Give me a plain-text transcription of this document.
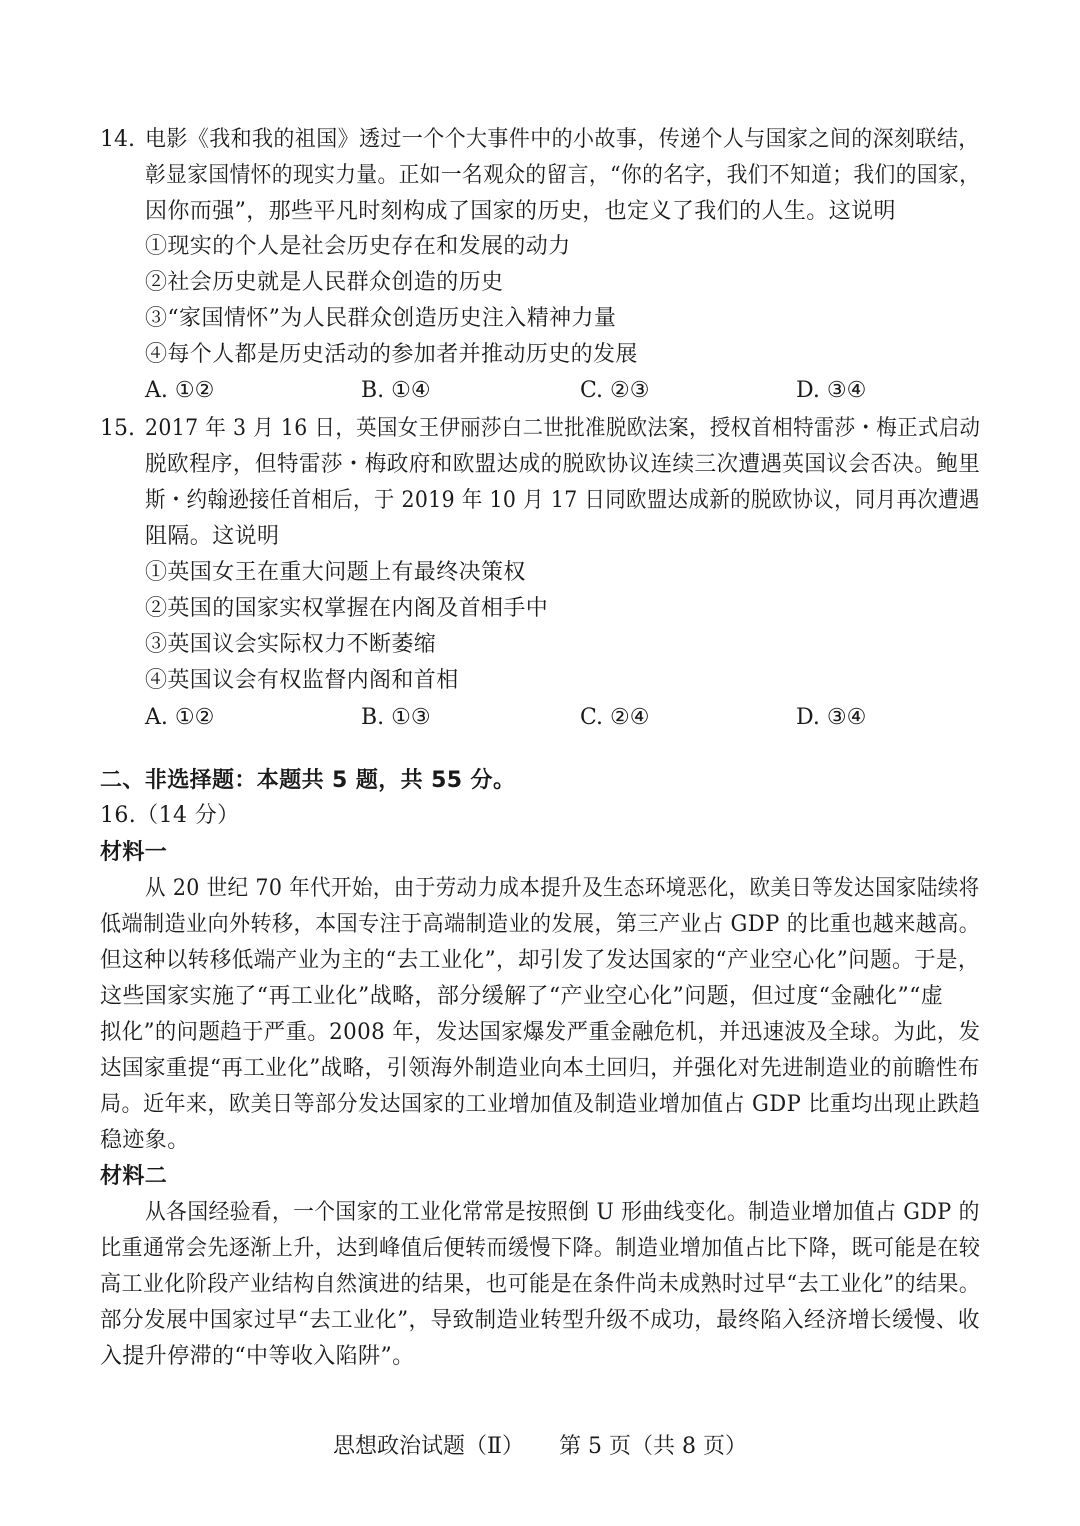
14. 电影《我和我的祖国》透过一个个大事件中的小故事，传递个人与国家之间的深刻联结，
彰显家国情怀的现实力量。正如一名观众的留言，“你的名字，我们不知道；我们的国家，
因你而强”，那些平凡时刻构成了国家的历史，也定义了我们的人生。这说明
①现实的个人是社会历史存在和发展的动力
②社会历史就是人民群众创造的历史
③“家国情怀”为人民群众创造历史注入精神力量
④每个人都是历史活动的参加者并推动历史的发展
A. ①②	B. ①④	C. ②③	D. ③④
15. 2017 年 3 月 16 日，英国女王伊丽莎白二世批准脱欧法案，授权首相特雷莎・梅正式启动
脱欧程序，但特雷莎・梅政府和欧盟达成的脱欧协议连续三次遭遇英国议会否决。鲍里
斯・约翰逊接任首相后，于 2019 年 10 月 17 日同欧盟达成新的脱欧协议，同月再次遭遇
阻隔。这说明
①英国女王在重大问题上有最终决策权
②英国的国家实权掌握在内阁及首相手中
③英国议会实际权力不断萎缩
④英国议会有权监督内阁和首相
A. ①②	B. ①③	C. ②④	D. ③④
二、非选择题：本题共 5 题，共 55 分。
16.（14 分）
材料一
从 20 世纪 70 年代开始，由于劳动力成本提升及生态环境恶化，欧美日等发达国家陆续将
低端制造业向外转移，本国专注于高端制造业的发展，第三产业占 GDP 的比重也越来越高。
但这种以转移低端产业为主的“去工业化”，却引发了发达国家的“产业空心化”问题。于是，
这些国家实施了“再工业化”战略，部分缓解了“产业空心化”问题，但过度“金融化”“虚
拟化”的问题趋于严重。2008 年，发达国家爆发严重金融危机，并迅速波及全球。为此，发
达国家重提“再工业化”战略，引领海外制造业向本土回归，并强化对先进制造业的前瞻性布
局。近年来，欧美日等部分发达国家的工业增加值及制造业增加值占 GDP 比重均出现止跌趋
稳迹象。
材料二
从各国经验看，一个国家的工业化常常是按照倒 U 形曲线变化。制造业增加值占 GDP 的
比重通常会先逐渐上升，达到峰值后便转而缓慢下降。制造业增加值占比下降，既可能是在较
高工业化阶段产业结构自然演进的结果，也可能是在条件尚未成熟时过早“去工业化”的结果。
部分发展中国家过早“去工业化”，导致制造业转型升级不成功，最终陷入经济增长缓慢、收
入提升停滞的“中等收入陷阱”。
思想政治试题（Ⅱ） 第 5 页（共 8 页）
